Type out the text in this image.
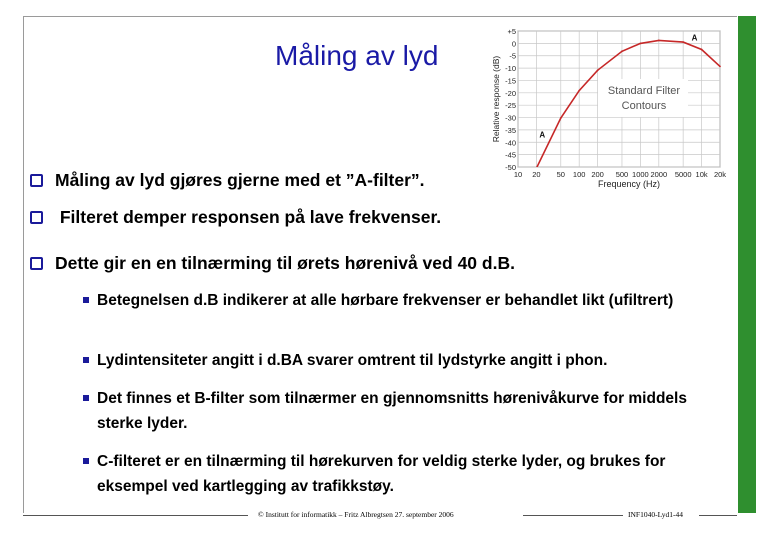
Måling av lyd
+5
0
-5
-10
-15
-20
-25
-30
-35
-40
-45
-50
10 20 50 100 200 500 1000 2000 5000 10k 20k
Standard Filter
Contours
Relative response (dB)
Frequency (Hz)
A
A
Måling av lyd gjøres gjerne med et ”A-filter”.
Filteret demper responsen på lave frekvenser.
Dette gir en en tilnærming til ørets hørenivå ved 40 d.B.
Betegnelsen d.B indikerer at alle hørbare frekvenser er behandlet likt (ufiltrert)
Lydintensiteter angitt i d.BA svarer omtrent til lydstyrke angitt i phon.
Det finnes et B-filter som tilnærmer en gjennomsnitts hørenivåkurve for middels sterke lyder.
C-filteret er en tilnærming til hørekurven for veldig sterke lyder, og brukes for eksempel ved kartlegging av trafikkstøy.
© Institutt for informatikk – Fritz Albregtsen 27. september 2006	INF1040-Lyd1-44
